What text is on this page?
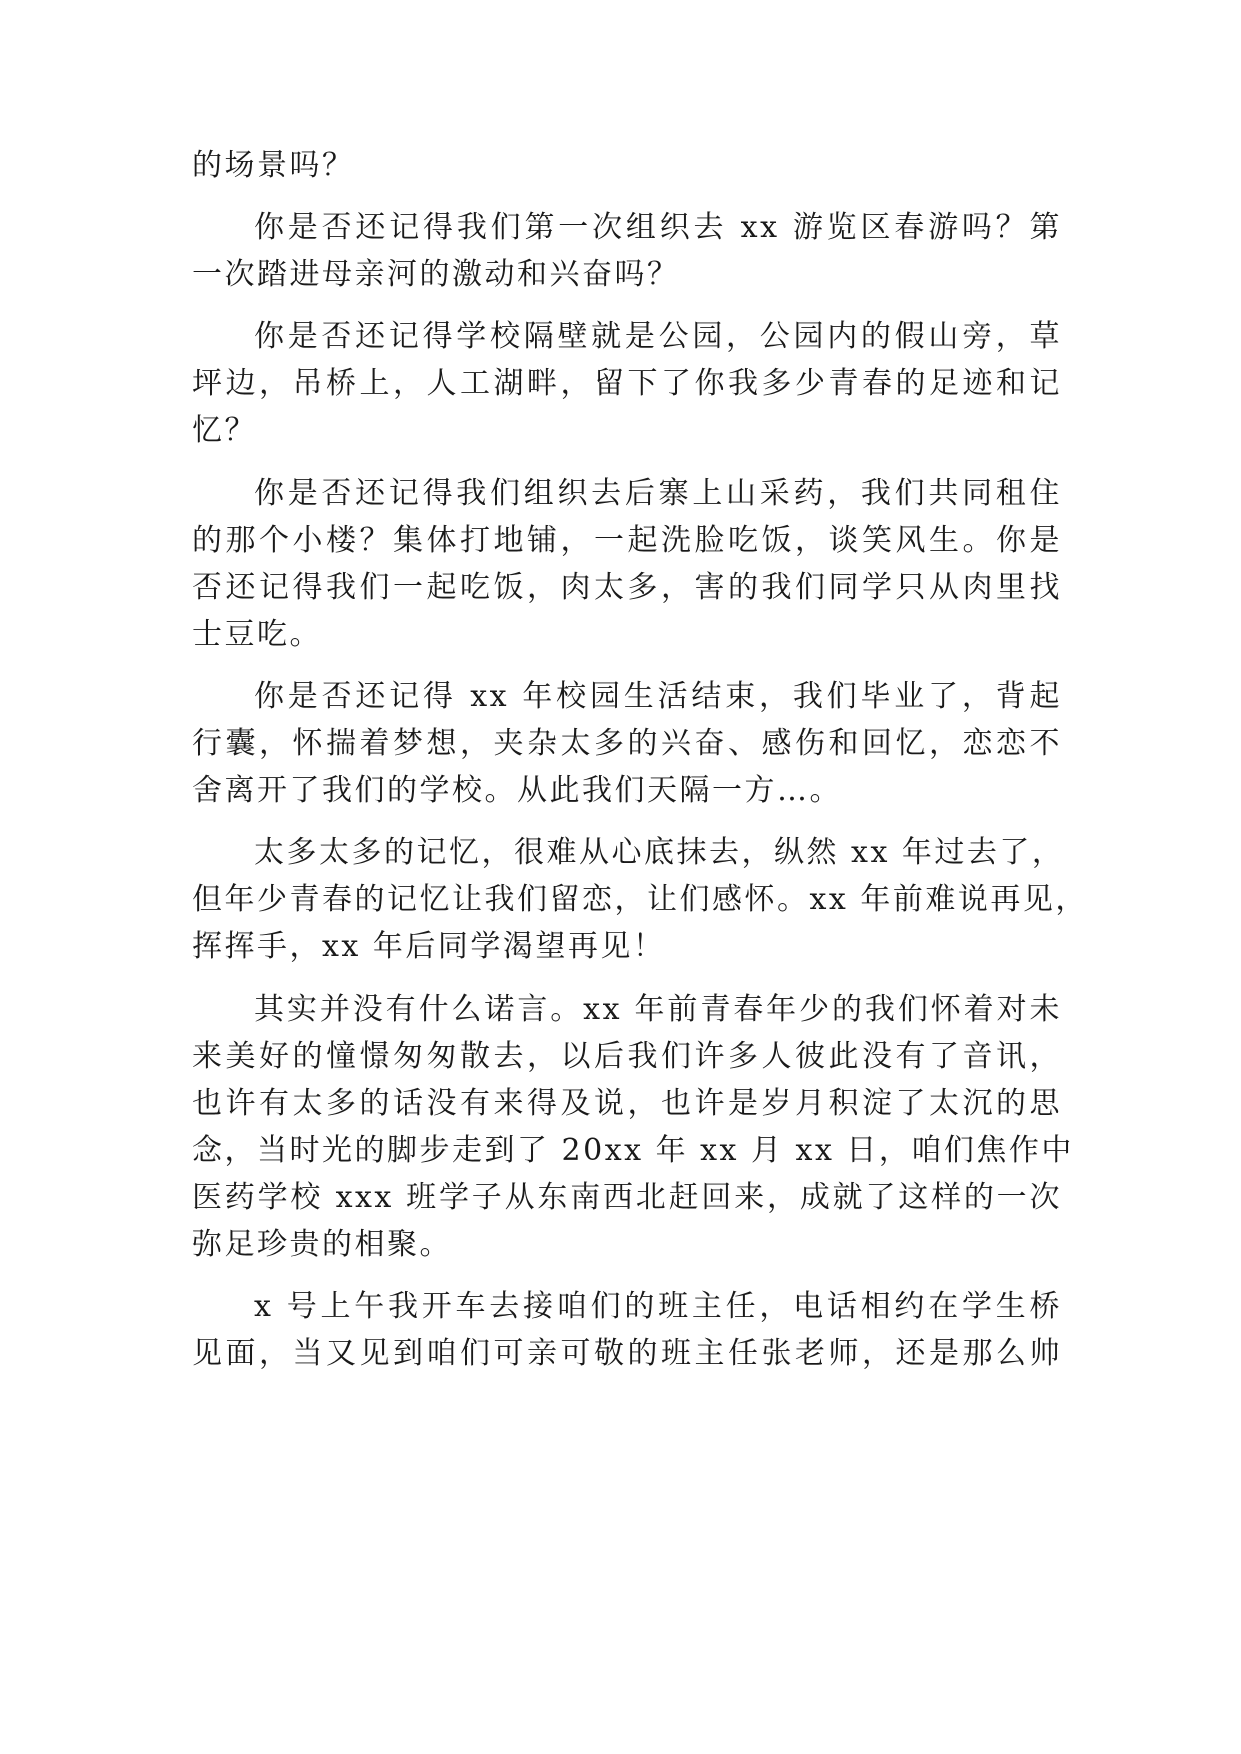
的场景吗？
你是否还记得我们第一次组织去 xx 游览区春游吗？第
一次踏进母亲河的激动和兴奋吗？
你是否还记得学校隔壁就是公园，公园内的假山旁，草
坪边，吊桥上，人工湖畔，留下了你我多少青春的足迹和记
忆？
你是否还记得我们组织去后寨上山采药，我们共同租住
的那个小楼？集体打地铺，一起洗脸吃饭，谈笑风生。你是
否还记得我们一起吃饭，肉太多，害的我们同学只从肉里找
士豆吃。
你是否还记得 xx 年校园生活结束，我们毕业了，背起
行囊，怀揣着梦想，夹杂太多的兴奋、感伤和回忆，恋恋不
舍离开了我们的学校。从此我们天隔一方…。
太多太多的记忆，很难从心底抹去，纵然 xx 年过去了，
但年少青春的记忆让我们留恋，让们感怀。xx 年前难说再见，
挥挥手，xx 年后同学渴望再见！
其实并没有什么诺言。xx 年前青春年少的我们怀着对未
来美好的憧憬匆匆散去，以后我们许多人彼此没有了音讯，
也许有太多的话没有来得及说，也许是岁月积淀了太沉的思
念，当时光的脚步走到了 20xx 年 xx 月 xx 日，咱们焦作中
医药学校 xxx 班学子从东南西北赶回来，成就了这样的一次
弥足珍贵的相聚。
x 号上午我开车去接咱们的班主任，电话相约在学生桥
见面，当又见到咱们可亲可敬的班主任张老师，还是那么帅
